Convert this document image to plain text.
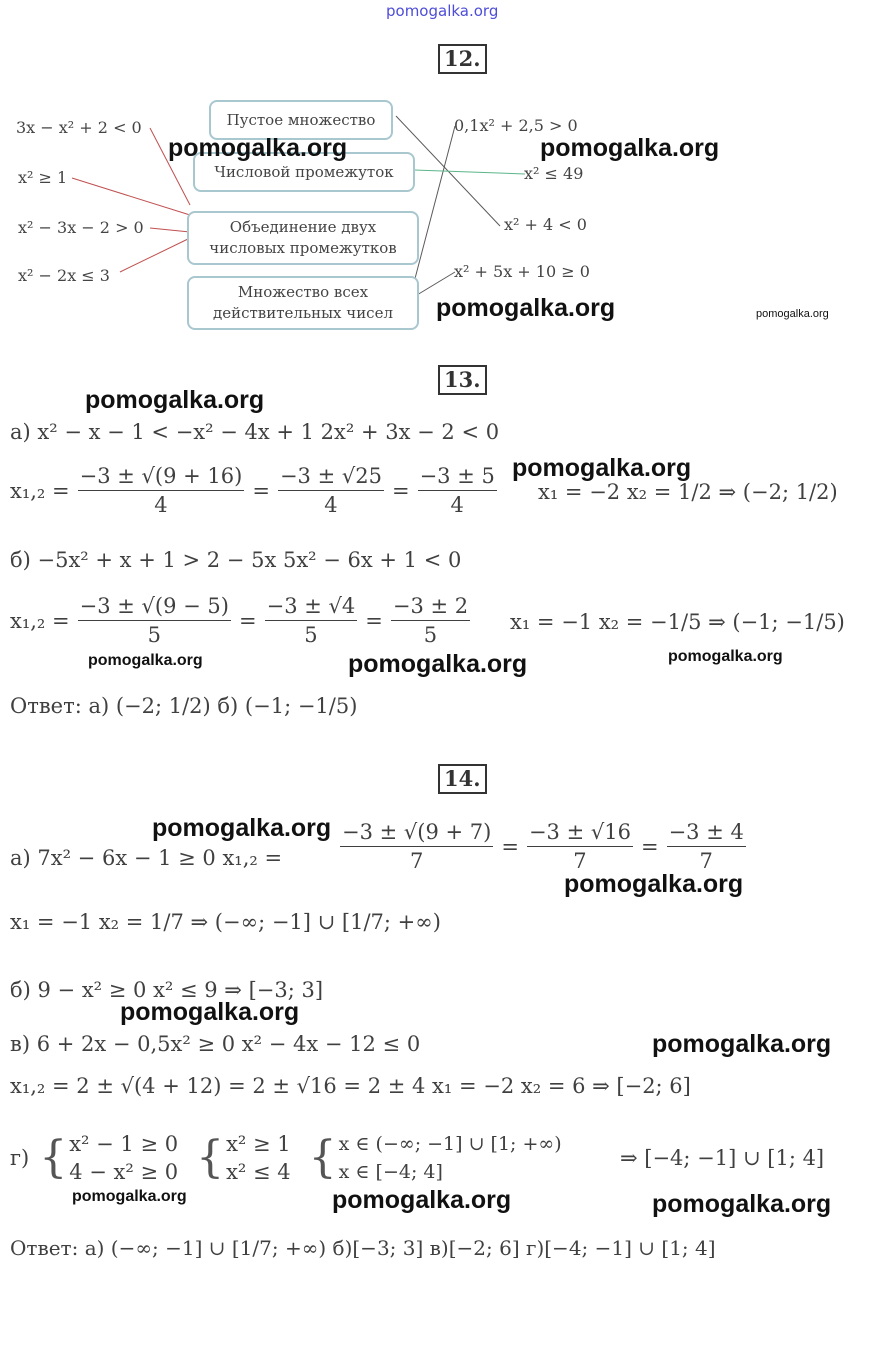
pomogalka.org
12.
3x − x² + 2 < 0
x² ≥ 1
x² − 3x − 2 > 0
x² − 2x ≤ 3
0,1x² + 2,5 > 0
x² ≤ 49
x² + 4 < 0
x² + 5x + 10 ≥ 0
Пустое множество
Числовой промежуток
Объединение двух числовых промежутков
Множество всех действительных чисел
13.
а) x² − x − 1 < −x² − 4x + 1 2x² + 3x − 2 < 0
$x_1,_2 = \frac{-3 \pm √(9 + 16)}{4} = \frac{-3 \pm √25}{4} = \frac{-3 \pm 5}{4} x_1 = -2$ x₂ = 1/2 ⇒ (−2; 1/2)
б) −5x² + x + 1 > 2 − 5x 5x² − 6x + 1 < 0
$x_1,_2 = \frac{-3 \pm √(9 - 5)}{5} = \frac{-3 \pm √4}{5} = \frac{-3 \pm 2}{5} x_1 = -1$ x₂ = −1/5 ⇒ (−1; −1/5)
Ответ: а) (−2; 1/2) б) (−1; −1/5)
14.
а) 7x² − 6x − 1 ≥ 0 x₁,₂ =	$\frac{-3 \pm √(9 + 7)}{7} = \frac{-3 \pm √16}{7} = \frac{-3 \pm 4}{7}$
x₁ = −1 x₂ = 1/7 ⇒ (−∞; −1] ∪ [1/7; +∞)
б) 9 − x² ≥ 0 x² ≤ 9 ⇒ [−3; 3]
в) 6 + 2x − 0,5x² ≥ 0 x² − 4x − 12 ≤ 0
x₁,₂ = 2 ± √(4 + 12) = 2 ± √16 = 2 ± 4 x₁ = −2 x₂ = 6 ⇒ [−2; 6]
г) { x² − 1 ≥ 0
4 − x² ≥ 0 { x² ≥ 1
x² ≤ 4 { x ∈ (−∞; −1] ∪ [1; +∞)
x ∈ [−4; 4]
⇒ [−4; −1] ∪ [1; 4]
Ответ: а) (−∞; −1] ∪ [1/7; +∞) б)[−3; 3] в)[−2; 6] г)[−4; −1] ∪ [1; 4]
pomogalka.org	pomogalka.org
pomogalka.org	pomogalka.org
pomogalka.org
pomogalka.org
pomogalka.org	pomogalka.org	pomogalka.org
pomogalka.org
pomogalka.org
pomogalka.org
pomogalka.org
pomogalka.org	pomogalka.org	pomogalka.org
